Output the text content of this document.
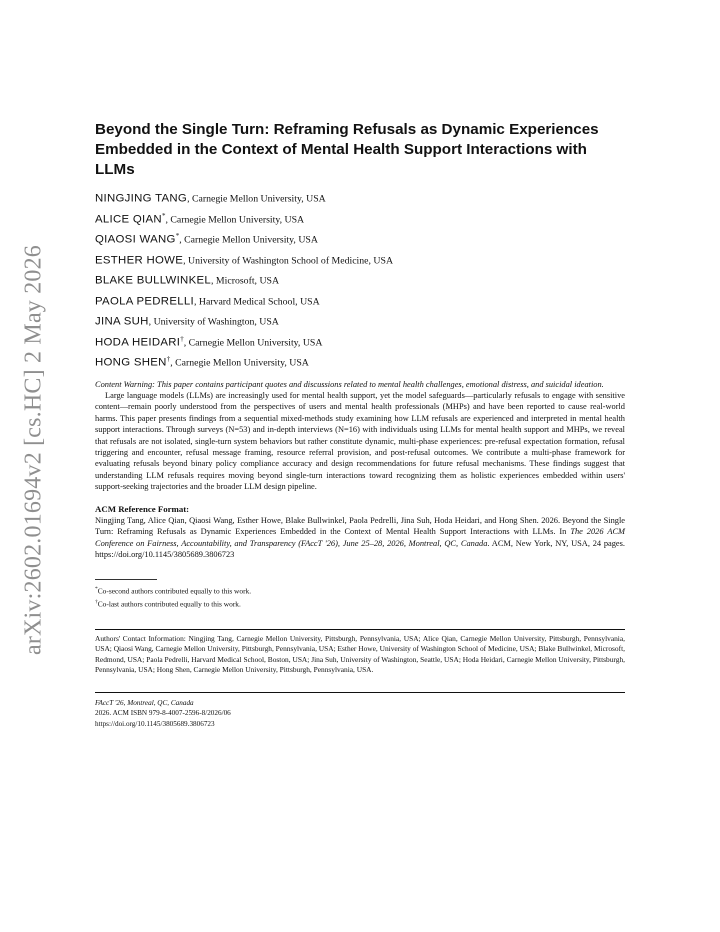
arXiv:2602.01694v2 [cs.HC] 2 May 2026
Beyond the Single Turn: Reframing Refusals as Dynamic Experiences
Embedded in the Context of Mental Health Support Interactions with
LLMs
NINGJING TANG, Carnegie Mellon University, USA
ALICE QIAN*, Carnegie Mellon University, USA
QIAOSI WANG*, Carnegie Mellon University, USA
ESTHER HOWE, University of Washington School of Medicine, USA
BLAKE BULLWINKEL, Microsoft, USA
PAOLA PEDRELLI, Harvard Medical School, USA
JINA SUH, University of Washington, USA
HODA HEIDARI†, Carnegie Mellon University, USA
HONG SHEN†, Carnegie Mellon University, USA
Content Warning: This paper contains participant quotes and discussions related to mental health challenges, emotional distress, and suicidal ideation.

Large language models (LLMs) are increasingly used for mental health support, yet the model safeguards—particularly refusals to engage with sensitive content—remain poorly understood from the perspectives of users and mental health professionals (MHPs) and have been reported to cause real-world harms. This paper presents findings from a sequential mixed-methods study examining how LLM refusals are experienced and interpreted in mental health support interactions. Through surveys (N=53) and in-depth interviews (N=16) with individuals using LLMs for mental health support and MHPs, we reveal that refusals are not isolated, single-turn system behaviors but rather constitute dynamic, multi-phase experiences: pre-refusal expectation formation, refusal triggering and encounter, refusal message framing, resource referral provision, and post-refusal outcomes. We contribute a multi-phase framework for evaluating refusals beyond binary policy compliance accuracy and design recommendations for future refusal mechanisms. These findings suggest that understanding LLM refusals requires moving beyond single-turn interactions toward recognizing them as holistic experiences embedded within users' support-seeking trajectories and the broader LLM design pipeline.

ACM Reference Format:
Ningjing Tang, Alice Qian, Qiaosi Wang, Esther Howe, Blake Bullwinkel, Paola Pedrelli, Jina Suh, Hoda Heidari, and Hong Shen. 2026. Beyond the Single Turn: Reframing Refusals as Dynamic Experiences Embedded in the Context of Mental Health Support Interactions with LLMs. In The 2026 ACM Conference on Fairness, Accountability, and Transparency (FAccT '26), June 25–28, 2026, Montreal, QC, Canada. ACM, New York, NY, USA, 24 pages. https://doi.org/10.1145/3805689.3806723
*Co-second authors contributed equally to this work.
†Co-last authors contributed equally to this work.
Authors' Contact Information: Ningjing Tang, Carnegie Mellon University, Pittsburgh, Pennsylvania, USA; Alice Qian, Carnegie Mellon University, Pittsburgh, Pennsylvania, USA; Qiaosi Wang, Carnegie Mellon University, Pittsburgh, Pennsylvania, USA; Esther Howe, University of Washington School of Medicine, USA; Blake Bullwinkel, Microsoft, Redmond, USA; Paola Pedrelli, Harvard Medical School, Boston, USA; Jina Suh, University of Washington, Seattle, USA; Hoda Heidari, Carnegie Mellon University, Pittsburgh, Pennsylvania, USA; Hong Shen, Carnegie Mellon University, Pittsburgh, Pennsylvania, USA.
FAccT '26, Montreal, QC, Canada
2026. ACM ISBN 979-8-4007-2596-8/2026/06
https://doi.org/10.1145/3805689.3806723
